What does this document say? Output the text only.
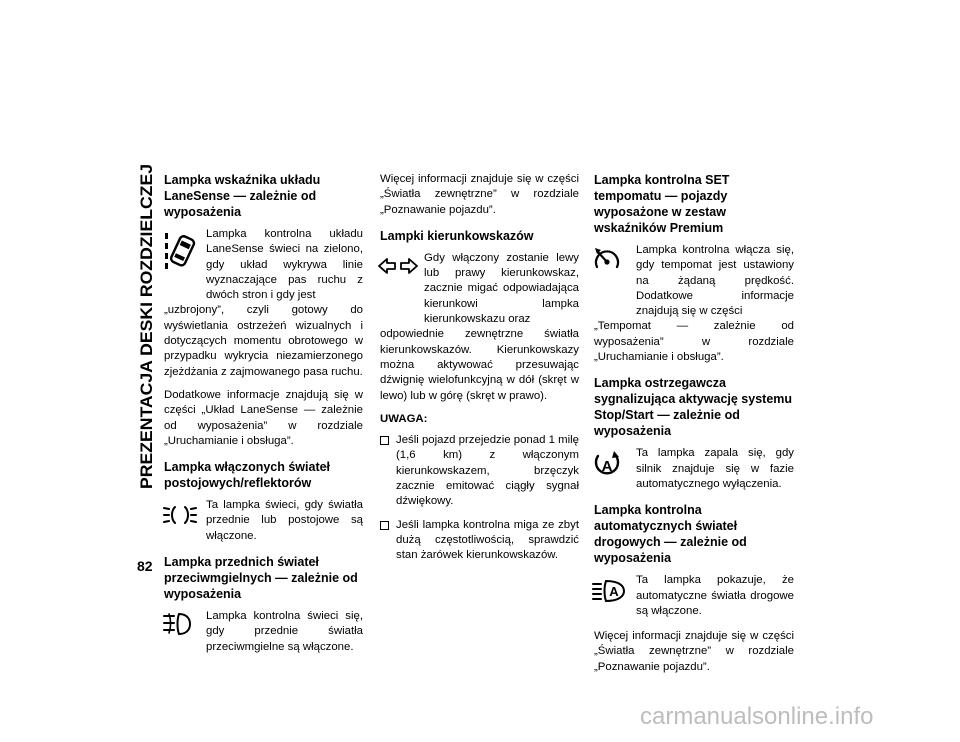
PREZENTACJA DESKI ROZDZIELCZEJ
82
Lampka wskaźnika układu LaneSense — zależnie od wyposażenia
Lampka kontrolna układu LaneSense świeci na zielono, gdy układ wykrywa linie wyznaczające pas ruchu z dwóch stron i gdy jest

„uzbrojony”, czyli gotowy do wyświetlania ostrzeżeń wizualnych i dotyczących momentu obrotowego w przypadku wykrycia niezamierzonego zjeżdżania z zajmowanego pasa ruchu.

Dodatkowe informacje znajdują się w części „Układ LaneSense — zależnie od wyposażenia” w rozdziale „Uruchamianie i obsługa”.

Lampka włączonych świateł postojowych/reflektorów

Ta lampka świeci, gdy światła przednie lub postojowe są włączone.

Lampka przednich świateł przeciwmgielnych — zależnie od wyposażenia

Lampka kontrolna świeci się, gdy przednie światła przeciwmgielne są włączone.

Więcej informacji znajduje się w części „Światła zewnętrzne” w rozdziale „Poznawanie pojazdu”.

Lampki kierunkowskazów
Gdy włączony zostanie lewy lub prawy kierunkowskaz, zacznie migać odpowiadająca kierunkowi lampka kierunkowskazu oraz

odpowiednie zewnętrzne światła kierunkowskazów. Kierunkowskazy można aktywować przesuwając dźwignię wielofunkcyjną w dół (skręt w lewo) lub w górę (skręt w prawo).

UWAGA:
Jeśli pojazd przejedzie ponad 1 milę (1,6 km) z włączonym kierunkowskazem, brzęczyk zacznie emitować ciągły sygnał dźwiękowy.
Jeśli lampka kontrolna miga ze zbyt dużą częstotliwością, sprawdzić stan żarówek kierunkowskazów.
Lampka kontrolna SET tempomatu — pojazdy wyposażone w zestaw wskaźników Premium
Lampka kontrolna włącza się, gdy tempomat jest ustawiony na żądaną prędkość. Dodatkowe informacje znajdują się w części

„Tempomat — zależnie od wyposażenia” w rozdziale „Uruchamianie i obsługa”.

Lampka ostrzegawcza sygnalizująca aktywację systemu Stop/Start — zależnie od wyposażenia

A
Ta lampka zapala się, gdy silnik znajduje się w fazie automatycznego wyłączenia.

Lampka kontrolna automatycznych świateł drogowych — zależnie od wyposażenia

A
Ta lampka pokazuje, że automatyczne światła drogowe są włączone.

Więcej informacji znajduje się w części „Światła zewnętrzne” w rozdziale „Poznawanie pojazdu”.

carmanualsonline.info
